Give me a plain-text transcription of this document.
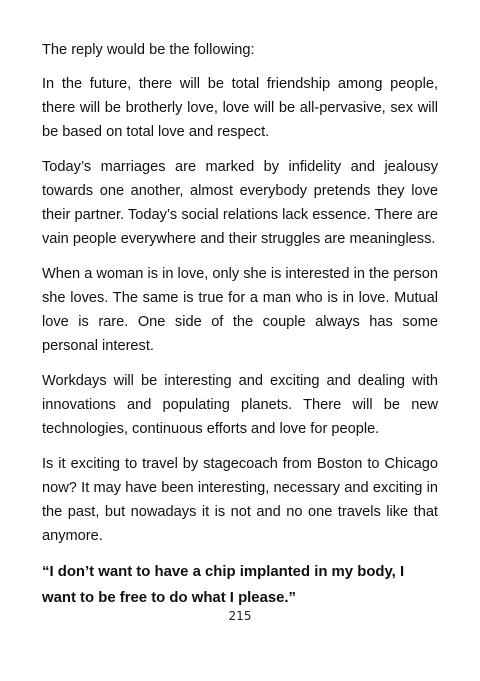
The reply would be the following:

In the future, there will be total friendship among people, there will be brotherly love, love will be all-pervasive, sex will be based on total love and respect.

Today’s marriages are marked by infidelity and jealousy towards one another, almost everybody pretends they love their partner. Today’s social relations lack essence. There are vain people everywhere and their struggles are meaningless.

When a woman is in love, only she is interested in the person she loves. The same is true for a man who is in love. Mutual love is rare. One side of the couple always has some personal interest.

Workdays will be interesting and exciting and dealing with innovations and populating planets. There will be new technologies, continuous efforts and love for people.

Is it exciting to travel by stagecoach from Boston to Chicago now? It may have been interesting, necessary and exciting in the past, but nowadays it is not and no one travels like that anymore.

“I don’t want to have a chip implanted in my body, I want to be free to do what I please.”

215
